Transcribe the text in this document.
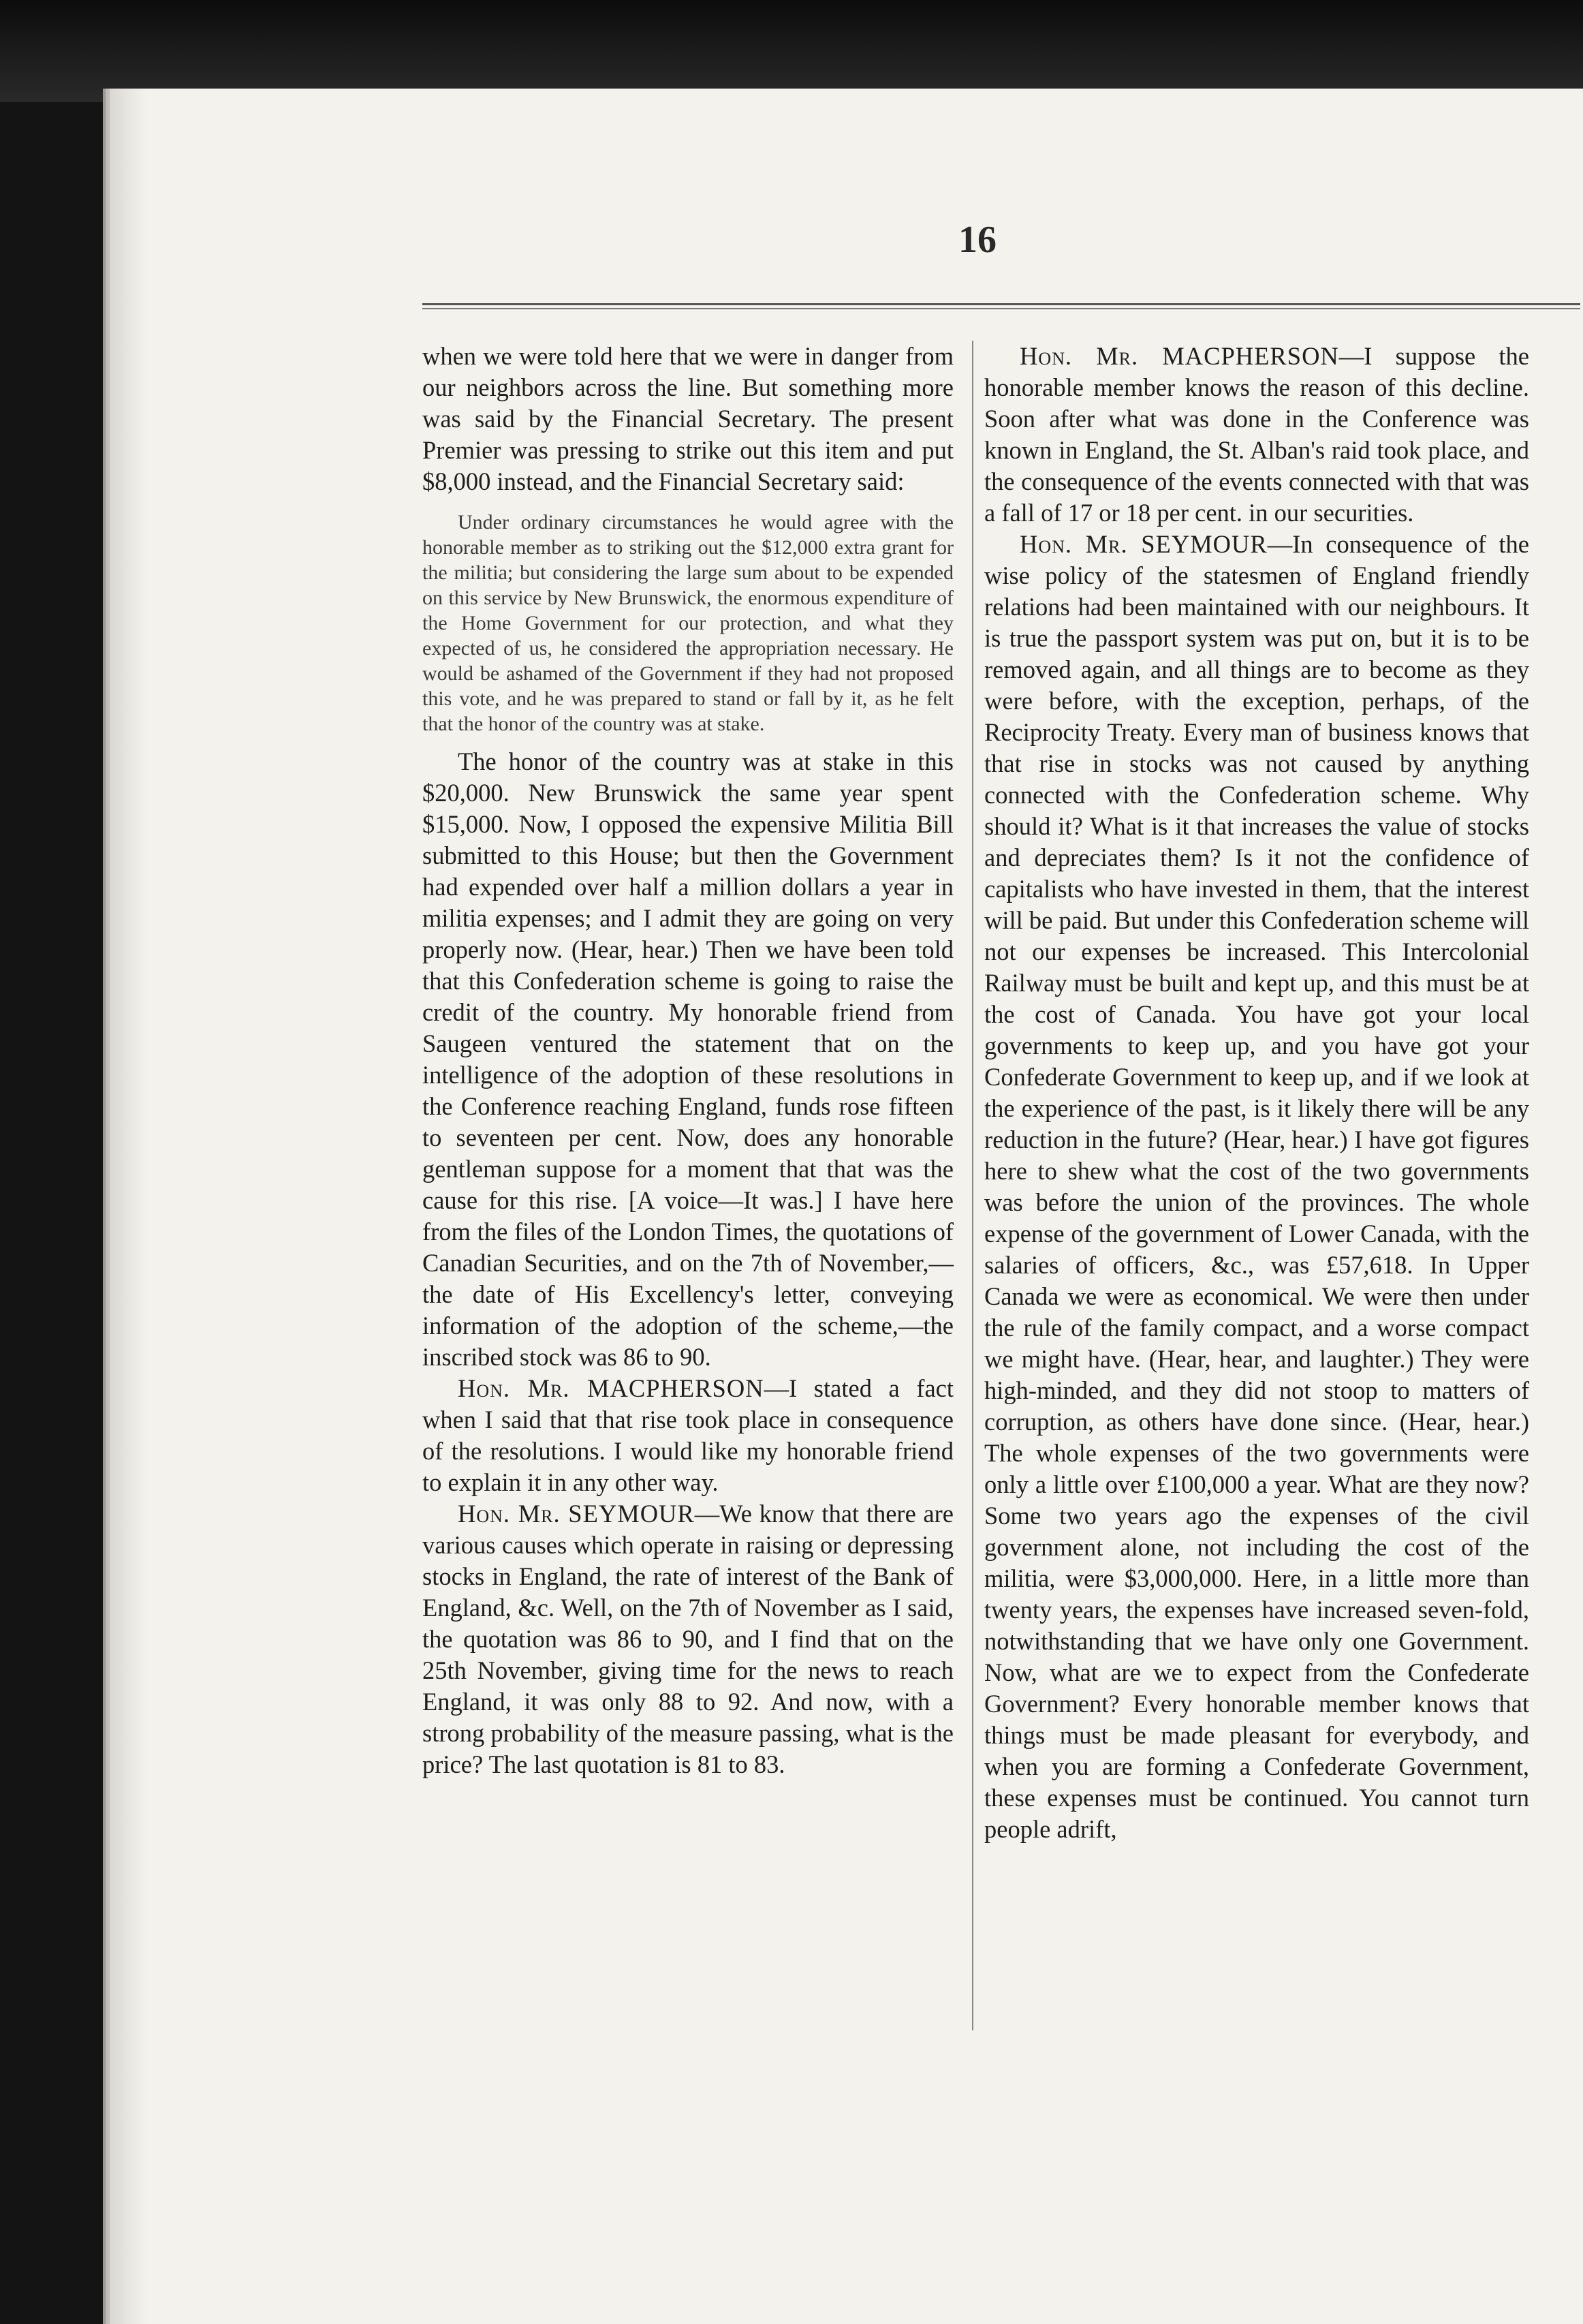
16

when we were told here that we were in danger from our neighbors across the line. But something more was said by the Financial Secretary. The present Premier was pressing to strike out this item and put $8,000 instead, and the Financial Secretary said:

Under ordinary circumstances he would agree with the honorable member as to striking out the $12,000 extra grant for the militia; but considering the large sum about to be expended on this service by New Brunswick, the enormous expenditure of the Home Government for our protection, and what they expected of us, he considered the appropriation necessary. He would be ashamed of the Government if they had not proposed this vote, and he was prepared to stand or fall by it, as he felt that the honor of the country was at stake.

The honor of the country was at stake in this $20,000. New Brunswick the same year spent $15,000. Now, I opposed the expensive Militia Bill submitted to this House; but then the Government had expended over half a million dollars a year in militia expenses; and I admit they are going on very properly now. (Hear, hear.) Then we have been told that this Confederation scheme is going to raise the credit of the country. My honorable friend from Saugeen ventured the statement that on the intelligence of the adoption of these resolutions in the Conference reaching England, funds rose fifteen to seventeen per cent. Now, does any honorable gentleman suppose for a moment that that was the cause for this rise. [A voice—It was.] I have here from the files of the London Times, the quotations of Canadian Securities, and on the 7th of November,—the date of His Excellency's letter, conveying information of the adoption of the scheme,—the inscribed stock was 86 to 90.

Hon. Mr. MACPHERSON—I stated a fact when I said that that rise took place in consequence of the resolutions. I would like my honorable friend to explain it in any other way.

Hon. Mr. SEYMOUR—We know that there are various causes which operate in raising or depressing stocks in England, the rate of interest of the Bank of England, &c. Well, on the 7th of November as I said, the quotation was 86 to 90, and I find that on the 25th November, giving time for the news to reach England, it was only 88 to 92. And now, with a strong probability of the measure passing, what is the price? The last quotation is 81 to 83.

Hon. Mr. MACPHERSON—I suppose the honorable member knows the reason of this decline. Soon after what was done in the Conference was known in England, the St. Alban's raid took place, and the consequence of the events connected with that was a fall of 17 or 18 per cent. in our securities.

Hon. Mr. SEYMOUR—In consequence of the wise policy of the statesmen of England friendly relations had been maintained with our neighbours. It is true the passport system was put on, but it is to be removed again, and all things are to become as they were before, with the exception, perhaps, of the Reciprocity Treaty. Every man of business knows that that rise in stocks was not caused by anything connected with the Confederation scheme. Why should it? What is it that increases the value of stocks and depreciates them? Is it not the confidence of capitalists who have invested in them, that the interest will be paid. But under this Confederation scheme will not our expenses be increased. This Intercolonial Railway must be built and kept up, and this must be at the cost of Canada. You have got your local governments to keep up, and you have got your Confederate Government to keep up, and if we look at the experience of the past, is it likely there will be any reduction in the future? (Hear, hear.) I have got figures here to shew what the cost of the two governments was before the union of the provinces. The whole expense of the government of Lower Canada, with the salaries of officers, &c., was £57,618. In Upper Canada we were as economical. We were then under the rule of the family compact, and a worse compact we might have. (Hear, hear, and laughter.) They were high-minded, and they did not stoop to matters of corruption, as others have done since. (Hear, hear.) The whole expenses of the two governments were only a little over £100,000 a year. What are they now? Some two years ago the expenses of the civil government alone, not including the cost of the militia, were $3,000,000. Here, in a little more than twenty years, the expenses have increased seven-fold, notwithstanding that we have only one Government. Now, what are we to expect from the Confederate Government? Every honorable member knows that things must be made pleasant for everybody, and when you are forming a Confederate Government, these expenses must be continued. You cannot turn people adrift,
